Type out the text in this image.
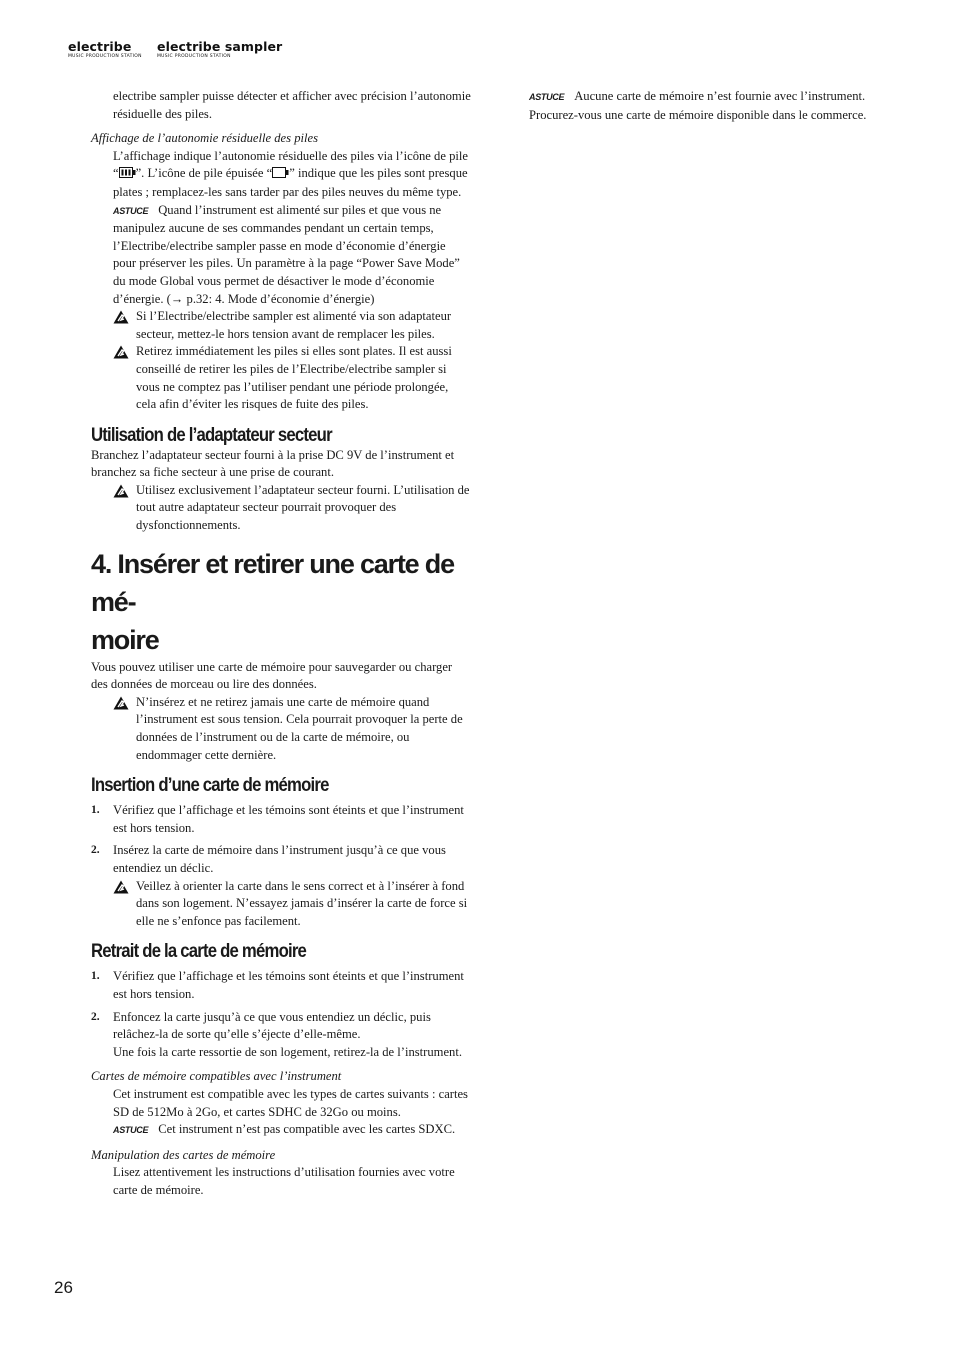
electribe
MUSIC PRODUCTION STATION
electribe sampler
MUSIC PRODUCTION STATION

electribe sampler puisse détecter et afficher avec précision l’autonomie résiduelle des piles.

Affichage de l’autonomie résiduelle des piles

L’affichage indique l’autonomie résiduelle des piles via l’icône de pile “ ”. L’icône de pile épuisée “ ” indique que les piles sont presque plates ; remplacez-les sans tarder par des piles neuves du même type.

ASTUCE Quand l’instrument est alimenté sur piles et que vous ne manipulez aucune de ses commandes pendant un certain temps, l’Electribe/electribe sampler passe en mode d’économie d’énergie pour préserver les piles. Un paramètre à la page “Power Save Mode” du mode Global vous permet de désactiver le mode d’économie d’énergie. (→ p.32: 4. Mode d’économie d’énergie)

Si l’Electribe/electribe sampler est alimenté via son adaptateur secteur, mettez-le hors tension avant de remplacer les piles.

Retirez immédiatement les piles si elles sont plates. Il est aussi conseillé de retirer les piles de l’Electribe/electribe sampler si vous ne comptez pas l’utiliser pendant une période prolongée, cela afin d’éviter les risques de fuite des piles.

Utilisation de l’adaptateur secteur

Branchez l’adaptateur secteur fourni à la prise DC 9V de l’instrument et branchez sa fiche secteur à une prise de courant.

Utilisez exclusivement l’adaptateur secteur fourni. L’utilisation de tout autre adaptateur secteur pourrait provoquer des dysfonctionnements.

4. Insérer et retirer une carte de mé-
moire

Vous pouvez utiliser une carte de mémoire pour sauvegarder ou charger des données de morceau ou lire des données.

N’insérez et ne retirez jamais une carte de mémoire quand l’instrument est sous tension. Cela pourrait provoquer la perte de données de l’instrument ou de la carte de mémoire, ou endommager cette dernière.

Insertion d’une carte de mémoire
1. Vérifiez que l’affichage et les témoins sont éteints et que l’instrument est hors tension.

2. Insérez la carte de mémoire dans l’instrument jusqu’à ce que vous entendiez un déclic.

Veillez à orienter la carte dans le sens correct et à l’insérer à fond dans son logement. N’essayez jamais d’insérer la carte de force si elle ne s’enfonce pas facilement.

Retrait de la carte de mémoire
1. Vérifiez que l’affichage et les témoins sont éteints et que l’instrument est hors tension.

2. Enfoncez la carte jusqu’à ce que vous entendiez un déclic, puis relâchez-la de sorte qu’elle s’éjecte d’elle-même.

Une fois la carte ressortie de son logement, retirez-la de l’instrument.

Cartes de mémoire compatibles avec l’instrument

Cet instrument est compatible avec les types de cartes suivants : cartes SD de 512Mo à 2Go, et cartes SDHC de 32Go ou moins.

ASTUCE Cet instrument n’est pas compatible avec les cartes SDXC.

Manipulation des cartes de mémoire

Lisez attentivement les instructions d’utilisation fournies avec votre carte de mémoire.

ASTUCE Aucune carte de mémoire n’est fournie avec l’instrument. Procurez-vous une carte de mémoire disponible dans le commerce.

26
